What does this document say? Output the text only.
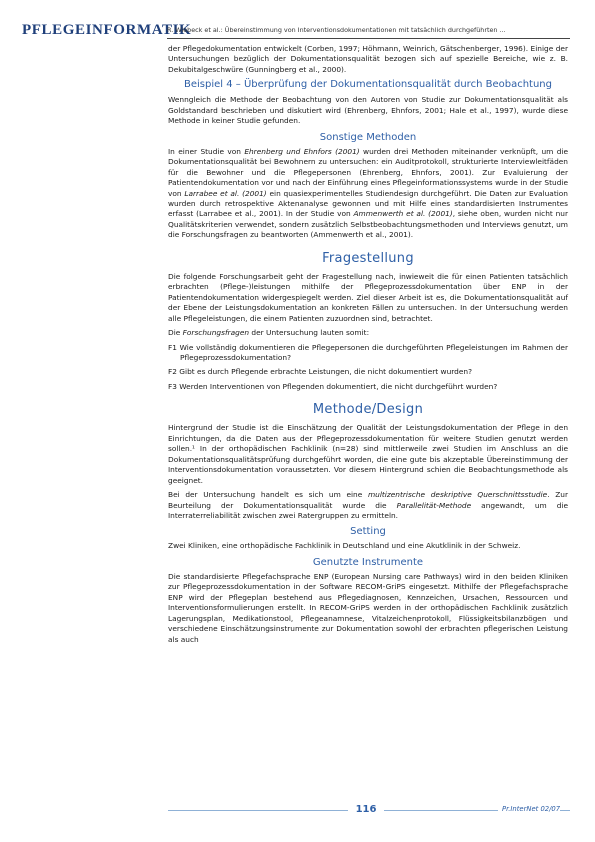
PFLEGEINFORMATIK
R. Wiebeck et al.: Übereinstimmung von Interventionsdokumentationen mit tatsächlich durchgeführten ...

der Pflegedokumentation entwickelt (Corben, 1997; Höhmann, Weinrich, Gätschenberger, 1996). Einige der Untersuchungen bezüglich der Dokumentationsqualität bezogen sich auf spezielle Bereiche, wie z. B. Dekubitalgeschwüre (Gunningberg et al., 2000).

Beispiel 4 – Überprüfung der Dokumentationsqualität durch Beobachtung

Wenngleich die Methode der Beobachtung von den Autoren von Studie zur Dokumentationsqualität als Goldstandard beschrieben und diskutiert wird (Ehrenberg, Ehnfors, 2001; Hale et al., 1997), wurde diese Methode in keiner Studie gefunden.

Sonstige Methoden

In einer Studie von Ehrenberg und Ehnfors (2001) wurden drei Methoden miteinander verknüpft, um die Dokumentationsqualität bei Bewohnern zu untersuchen: ein Auditprotokoll, strukturierte Interviewleitfäden für die Bewohner und die Pflegepersonen (Ehrenberg, Ehnfors, 2001). Zur Evaluierung der Patientendokumentation vor und nach der Einführung eines Pflegeinformationssystems wurde in der Studie von Larrabee et al. (2001) ein quasiexperimentelles Studiendesign durchgeführt. Die Daten zur Evaluation wurden durch retrospektive Aktenanalyse gewonnen und mit Hilfe eines standardisierten Instrumentes erfasst (Larrabee et al., 2001). In der Studie von Ammenwerth et al. (2001), siehe oben, wurden nicht nur Qualitätskriterien verwendet, sondern zusätzlich Selbstbeobachtungsmethoden und Interviews genutzt, um die Forschungsfragen zu beantworten (Ammenwerth et al., 2001).

Fragestellung

Die folgende Forschungsarbeit geht der Fragestellung nach, inwieweit die für einen Patienten tatsächlich erbrachten (Pflege-)leistungen mithilfe der Pflegeprozessdokumentation über ENP in der Patientendokumentation widergespiegelt werden. Ziel dieser Arbeit ist es, die Dokumentationsqualität auf der Ebene der Leistungsdokumentation an konkreten Fällen zu untersuchen. In der Untersuchung werden alle Pflegeleistungen, die einem Patienten zuzuordnen sind, betrachtet.

Die Forschungsfragen der Untersuchung lauten somit:

F1 Wie vollständig dokumentieren die Pflegepersonen die durchgeführten Pflegeleistungen im Rahmen der Pflegeprozessdokumentation?

F2 Gibt es durch Pflegende erbrachte Leistungen, die nicht dokumentiert wurden?

F3 Werden Interventionen von Pflegenden dokumentiert, die nicht durchgeführt wurden?

Methode/Design

Hintergrund der Studie ist die Einschätzung der Qualität der Leistungsdokumentation der Pflege in den Einrichtungen, da die Daten aus der Pflegeprozessdokumentation für weitere Studien genutzt werden sollen.¹ In der orthopädischen Fachklinik (n=28) sind mittlerweile zwei Studien im Anschluss an die Dokumentationsqualitätsprüfung durchgeführt worden, die eine gute bis akzeptable Übereinstimmung der Interventionsdokumentation voraussetzten. Vor diesem Hintergrund schien die Beobachtungsmethode als geeignet.

Bei der Untersuchung handelt es sich um eine multizentrische deskriptive Querschnittsstudie. Zur Beurteilung der Dokumentationsqualität wurde die Parallelität-Methode angewandt, um die Interraterreliabilität zwischen zwei Ratergruppen zu ermitteln.

Setting

Zwei Kliniken, eine orthopädische Fachklinik in Deutschland und eine Akutklinik in der Schweiz.

Genutzte Instrumente

Die standardisierte Pflegefachsprache ENP (European Nursing care Pathways) wird in den beiden Kliniken zur Pflegeprozessdokumentation in der Software RECOM-GriPS eingesetzt. Mithilfe der Pflegefachsprache ENP wird der Pflegeplan bestehend aus Pflegediagnosen, Kennzeichen, Ursachen, Ressourcen und Interventionsformulierungen erstellt. In RECOM-GriPS werden in der orthopädischen Fachklinik zusätzlich Lagerungsplan, Medikationstool, Pflegeanamnese, Vitalzeichenprotokoll, Flüssigkeitsbilanzbögen und verschiedene Einschätzungsinstrumente zur Dokumentation sowohl der erbrachten pflegerischen Leistung als auch

116	Pr.InterNet 02/07
